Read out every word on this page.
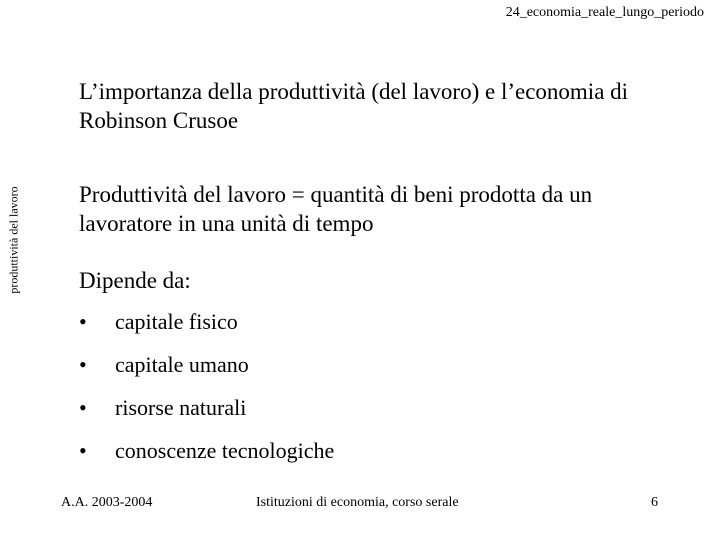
24_economia_reale_lungo_periodo
produttività del lavoro
L’importanza della produttività (del lavoro) e l’economia di Robinson Crusoe
Produttività del lavoro = quantità di beni prodotta da un lavoratore in una unità di tempo
Dipende da:
•	capitale fisico
•	capitale umano
•	risorse naturali
•	conoscenze tecnologiche
A.A. 2003-2004	Istituzioni di economia, corso serale	6
